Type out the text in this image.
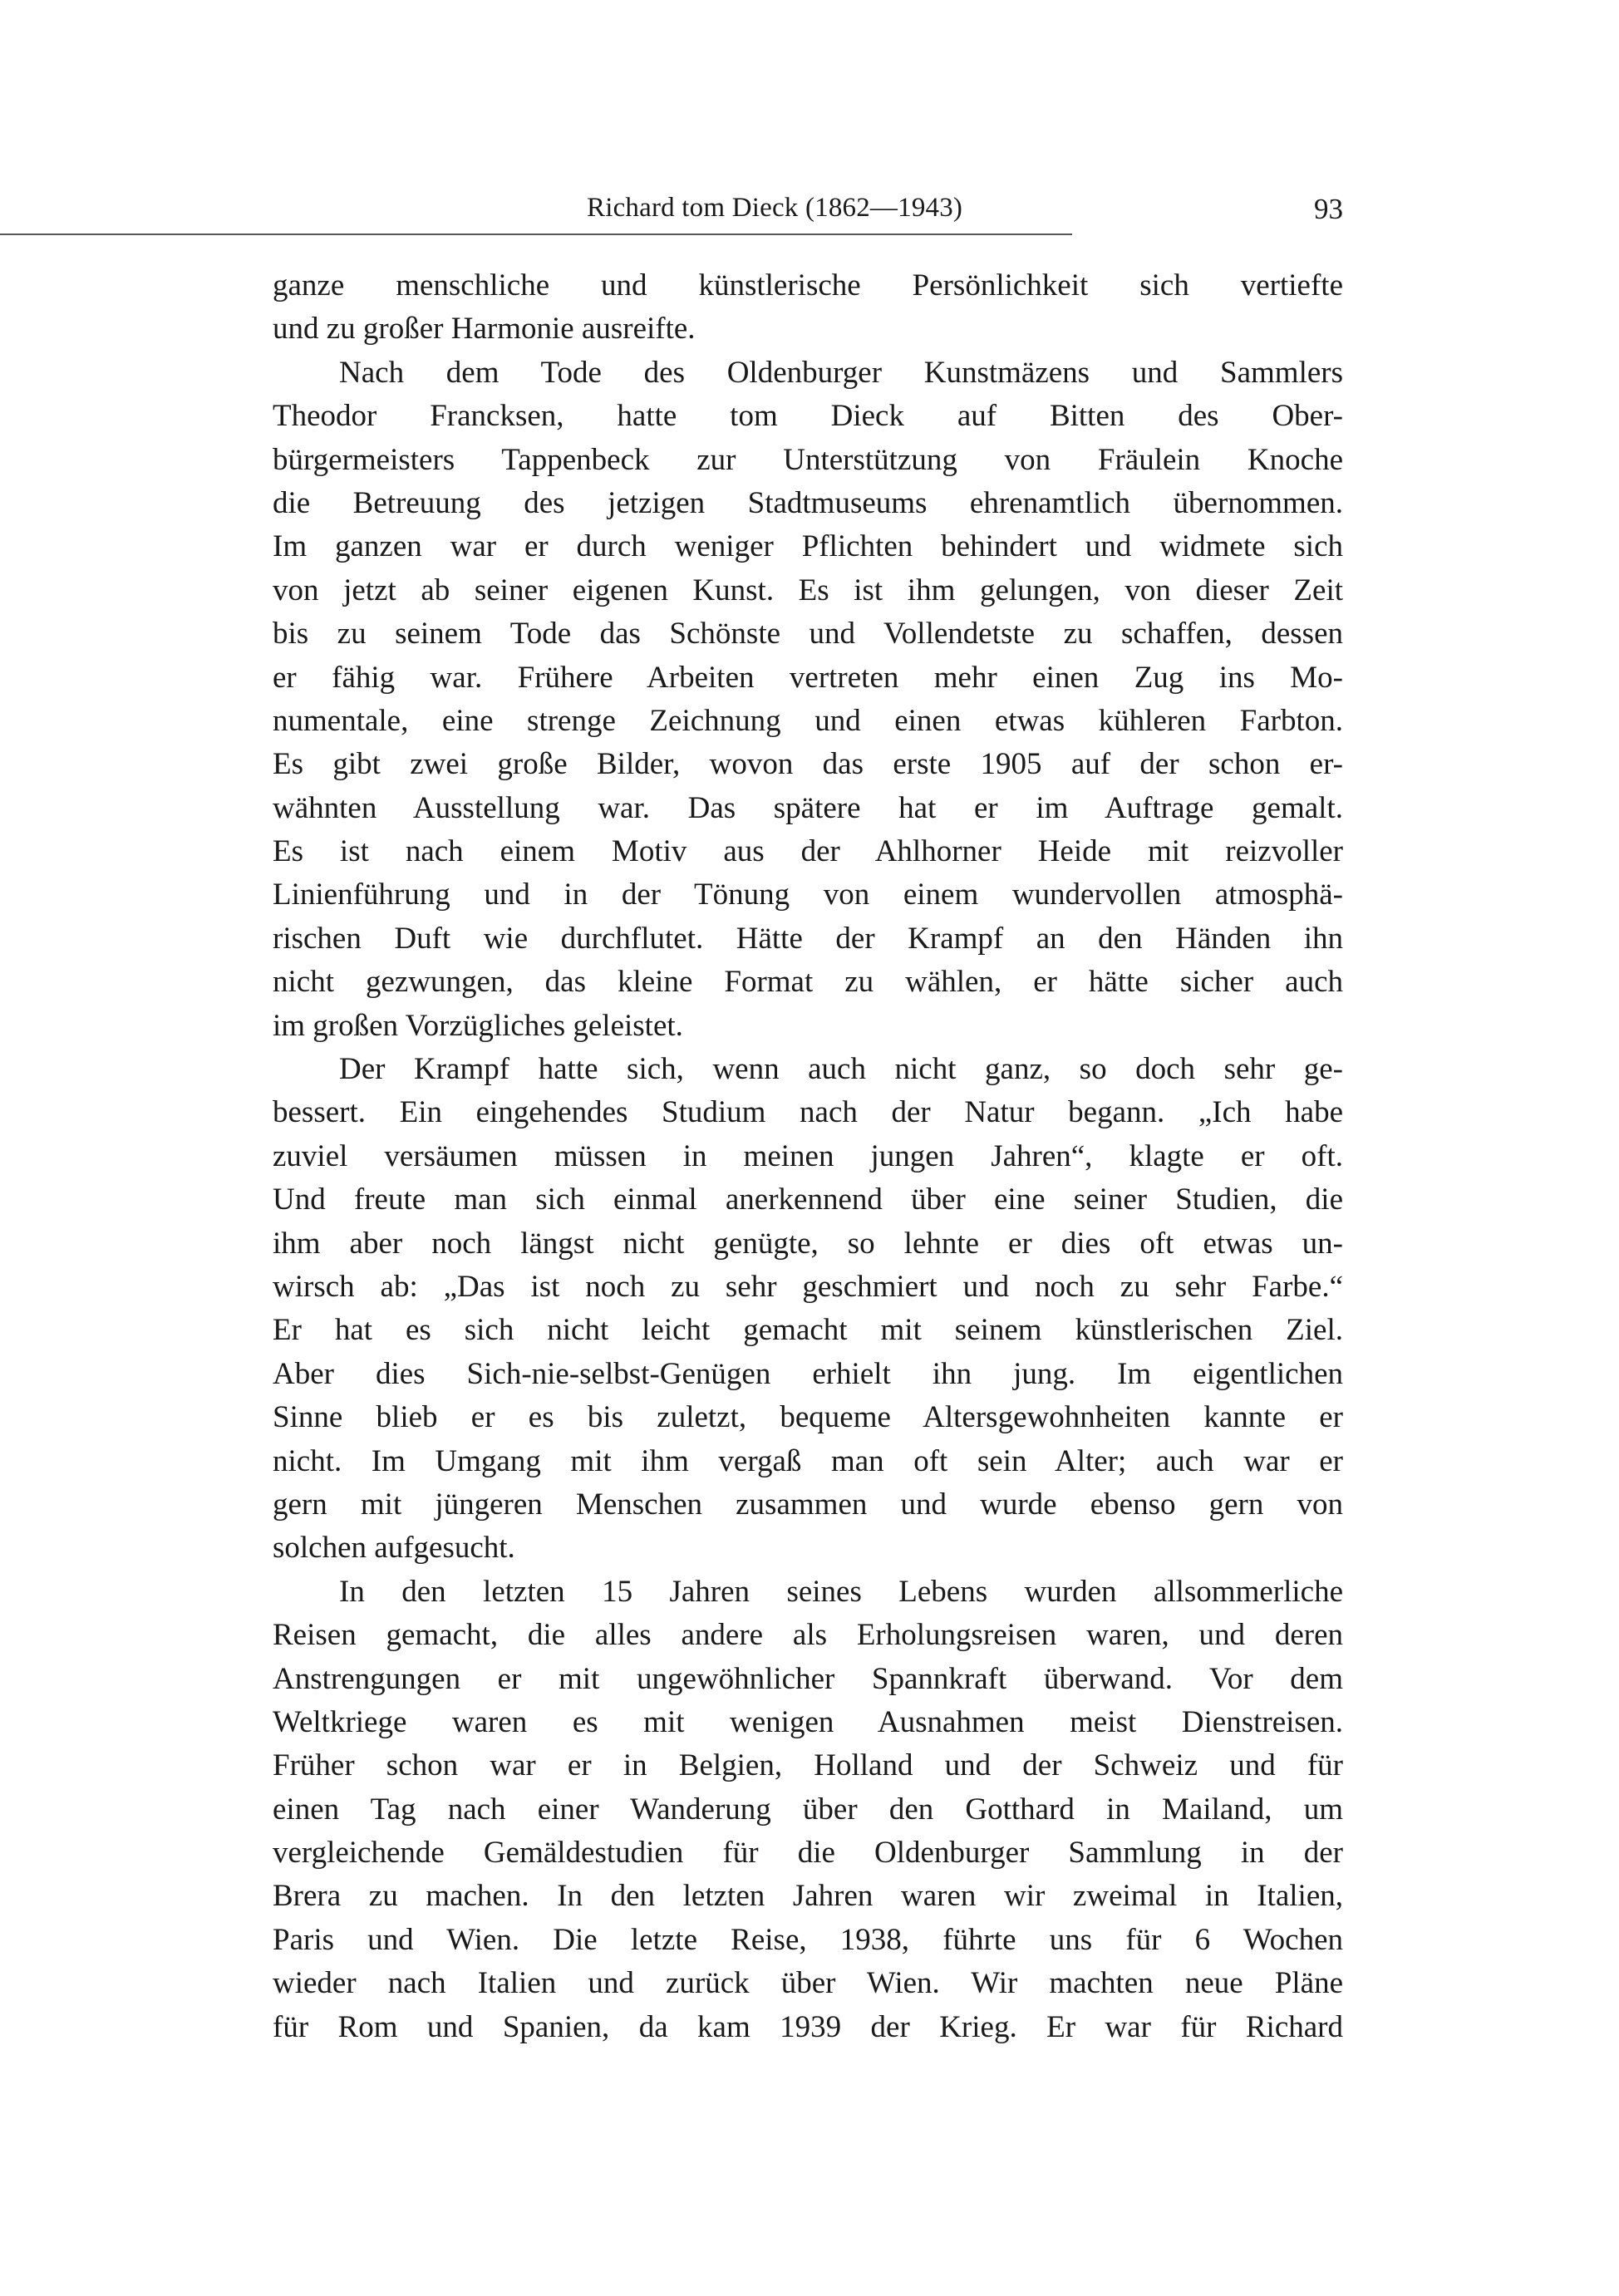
Richard tom Dieck (1862—1943)	93
ganze menschliche und künstlerische Persönlichkeit sich vertiefte
und zu großer Harmonie ausreifte.
Nach dem Tode des Oldenburger Kunstmäzens und Sammlers
Theodor Francksen, hatte tom Dieck auf Bitten des Ober-
bürgermeisters Tappenbeck zur Unterstützung von Fräulein Knoche
die Betreuung des jetzigen Stadtmuseums ehrenamtlich übernommen.
Im ganzen war er durch weniger Pflichten behindert und widmete sich
von jetzt ab seiner eigenen Kunst. Es ist ihm gelungen, von dieser Zeit
bis zu seinem Tode das Schönste und Vollendetste zu schaffen, dessen
er fähig war. Frühere Arbeiten vertreten mehr einen Zug ins Mo-
numentale, eine strenge Zeichnung und einen etwas kühleren Farbton.
Es gibt zwei große Bilder, wovon das erste 1905 auf der schon er-
wähnten Ausstellung war. Das spätere hat er im Auftrage gemalt.
Es ist nach einem Motiv aus der Ahlhorner Heide mit reizvoller
Linienführung und in der Tönung von einem wundervollen atmosphä-
rischen Duft wie durchflutet. Hätte der Krampf an den Händen ihn
nicht gezwungen, das kleine Format zu wählen, er hätte sicher auch
im großen Vorzügliches geleistet.
Der Krampf hatte sich, wenn auch nicht ganz, so doch sehr ge-
bessert. Ein eingehendes Studium nach der Natur begann. „Ich habe
zuviel versäumen müssen in meinen jungen Jahren“, klagte er oft.
Und freute man sich einmal anerkennend über eine seiner Studien, die
ihm aber noch längst nicht genügte, so lehnte er dies oft etwas un-
wirsch ab: „Das ist noch zu sehr geschmiert und noch zu sehr Farbe.“
Er hat es sich nicht leicht gemacht mit seinem künstlerischen Ziel.
Aber dies Sich-nie-selbst-Genügen erhielt ihn jung. Im eigentlichen
Sinne blieb er es bis zuletzt, bequeme Altersgewohnheiten kannte er
nicht. Im Umgang mit ihm vergaß man oft sein Alter; auch war er
gern mit jüngeren Menschen zusammen und wurde ebenso gern von
solchen aufgesucht.
In den letzten 15 Jahren seines Lebens wurden allsommerliche
Reisen gemacht, die alles andere als Erholungsreisen waren, und deren
Anstrengungen er mit ungewöhnlicher Spannkraft überwand. Vor dem
Weltkriege waren es mit wenigen Ausnahmen meist Dienstreisen.
Früher schon war er in Belgien, Holland und der Schweiz und für
einen Tag nach einer Wanderung über den Gotthard in Mailand, um
vergleichende Gemäldestudien für die Oldenburger Sammlung in der
Brera zu machen. In den letzten Jahren waren wir zweimal in Italien,
Paris und Wien. Die letzte Reise, 1938, führte uns für 6 Wochen
wieder nach Italien und zurück über Wien. Wir machten neue Pläne
für Rom und Spanien, da kam 1939 der Krieg. Er war für Richard
